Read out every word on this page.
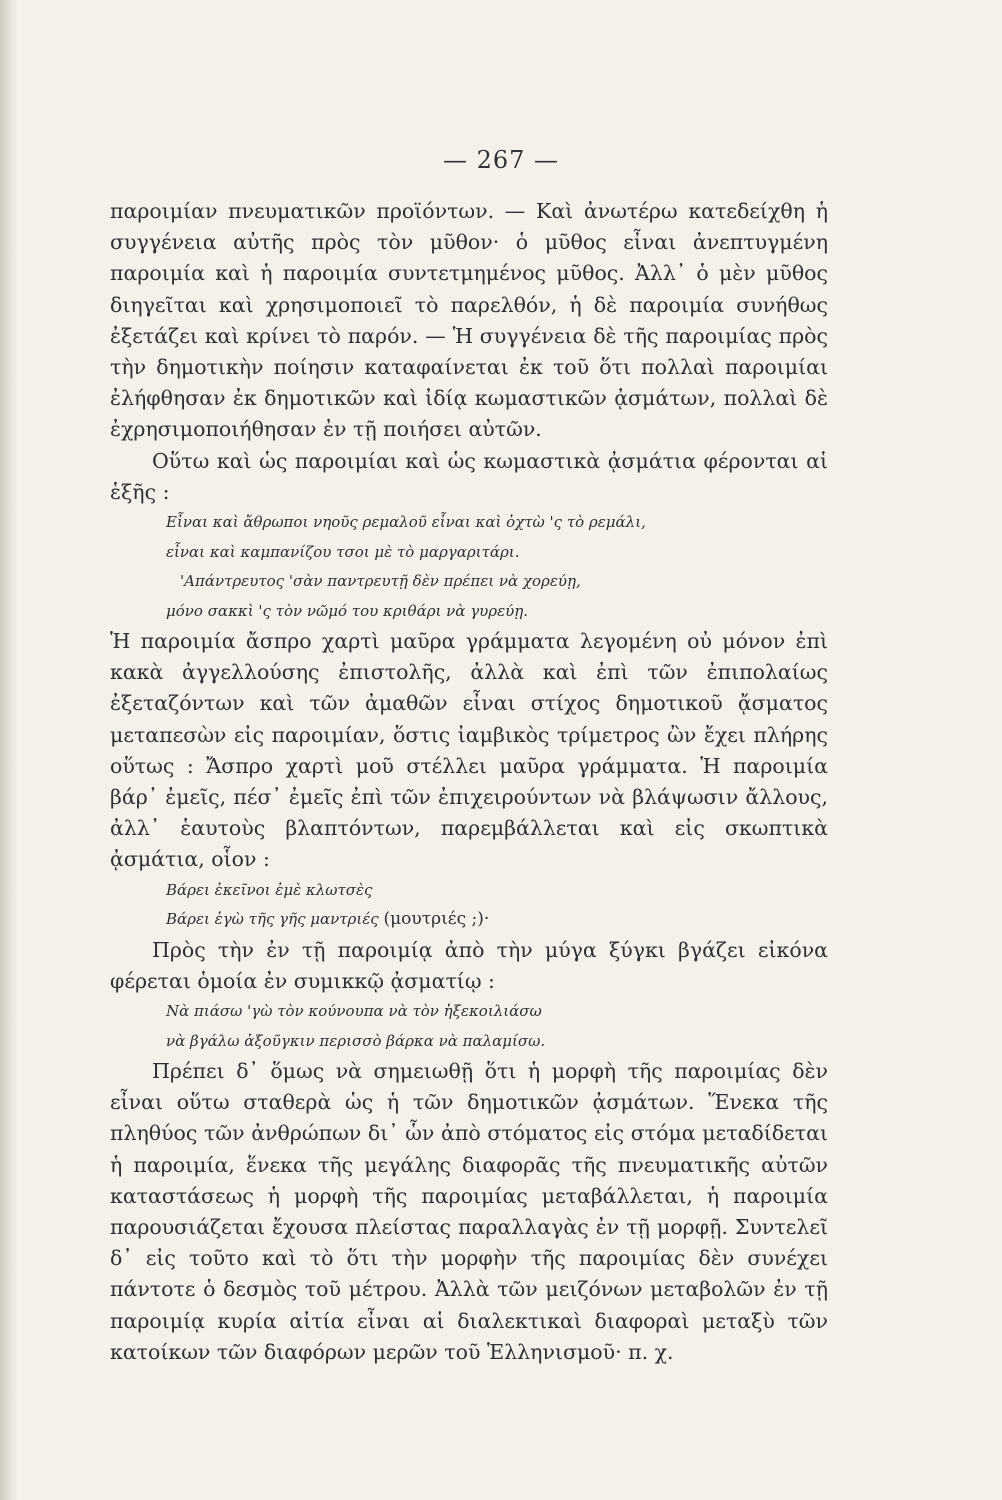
— 267 —

παροιμίαν πνευματικῶν προϊόντων. — Καὶ ἀνωτέρω κατεδείχθη ἡ συγγένεια αὐτῆς πρὸς τὸν μῦθον· ὁ μῦθος εἶναι ἀνεπτυγμένη παροιμία καὶ ἡ παροιμία συντετμημένος μῦθος. Ἀλλ᾽ ὁ μὲν μῦθος διηγεῖται καὶ χρησιμοποιεῖ τὸ παρελθόν, ἡ δὲ παροιμία συνήθως ἐξετάζει καὶ κρίνει τὸ παρόν. — Ἡ συγγένεια δὲ τῆς παροιμίας πρὸς τὴν δημοτικὴν ποίησιν καταφαίνεται ἐκ τοῦ ὅτι πολλαὶ παροιμίαι ἐλήφθησαν ἐκ δημοτικῶν καὶ ἰδίᾳ κωμαστικῶν ᾀσμάτων, πολλαὶ δὲ ἐχρησιμοποιήθησαν ἐν τῇ ποιήσει αὐτῶν.

Οὕτω καὶ ὡς παροιμίαι καὶ ὡς κωμαστικὰ ᾀσμάτια φέρονται αἱ ἑξῆς :

Εἶναι καὶ ἄθρωποι νηοῦς ρεμαλοῦ εἶναι καὶ ὀχτὼ 'ς τὸ ρεμάλι,
εἶναι καὶ καμπανίζου τσοι μὲ τὸ μαργαριτάρι.
'Απάντρευτος 'σὰν παντρευτῇ δὲν πρέπει νὰ χορεύῃ,
μόνο σακκὶ 'ς τὸν νῶμό του κριθάρι νὰ γυρεύῃ.

Ἡ παροιμία ἄσπρο χαρτὶ μαῦρα γράμματα λεγομένη οὐ μόνον ἐπὶ κακὰ ἀγγελλούσης ἐπιστολῆς, ἀλλὰ καὶ ἐπὶ τῶν ἐπιπολαίως ἐξεταζόντων καὶ τῶν ἀμαθῶν εἶναι στίχος δημοτικοῦ ᾄσματος μεταπεσὼν εἰς παροιμίαν, ὅστις ἰαμβικὸς τρίμετρος ὢν ἔχει πλήρης οὕτως : Ἄσπρο χαρτὶ μοῦ στέλλει μαῦρα γράμματα. Ἡ παροιμία βάρ᾽ ἐμεῖς, πέσ᾽ ἐμεῖς ἐπὶ τῶν ἐπιχειρούντων νὰ βλάψωσιν ἄλλους, ἀλλ᾽ ἑαυτοὺς βλαπτόντων, παρεμβάλλεται καὶ εἰς σκωπτικὰ ᾀσμάτια, οἷον :

Βάρει ἐκεῖνοι ἐμὲ κλωτσὲς
Βάρει ἐγὼ τῆς γῆς μαντριές (μουτριές ;)·

Πρὸς τὴν ἐν τῇ παροιμίᾳ ἀπὸ τὴν μύγα ξύγκι βγάζει εἰκόνα φέρεται ὁμοία ἐν συμικκῷ ᾀσματίῳ :

Νὰ πιάσω 'γὼ τὸν κούνουπα νὰ τὸν ἡξεκοιλιάσω
νὰ βγάλω ἀξοῦγκιν περισσὸ βάρκα νὰ παλαμίσω.

Πρέπει δ᾽ ὅμως νὰ σημειωθῇ ὅτι ἡ μορφὴ τῆς παροιμίας δὲν εἶναι οὕτω σταθερὰ ὡς ἡ τῶν δημοτικῶν ᾀσμάτων. Ἕνεκα τῆς πληθύος τῶν ἀνθρώπων δι᾽ ὧν ἀπὸ στόματος εἰς στόμα μεταδίδεται ἡ παροιμία, ἕνεκα τῆς μεγάλης διαφορᾶς τῆς πνευματικῆς αὐτῶν καταστάσεως ἡ μορφὴ τῆς παροιμίας μεταβάλλεται, ἡ παροιμία παρουσιάζεται ἔχουσα πλείστας παραλλαγὰς ἐν τῇ μορφῇ. Συντελεῖ δ᾽ εἰς τοῦτο καὶ τὸ ὅτι τὴν μορφὴν τῆς παροιμίας δὲν συνέχει πάντοτε ὁ δεσμὸς τοῦ μέτρου. Ἀλλὰ τῶν μειζόνων μεταβολῶν ἐν τῇ παροιμίᾳ κυρία αἰτία εἶναι αἱ διαλεκτικαὶ διαφοραὶ μεταξὺ τῶν κατοίκων τῶν διαφόρων μερῶν τοῦ Ἑλληνισμοῦ· π. χ.
